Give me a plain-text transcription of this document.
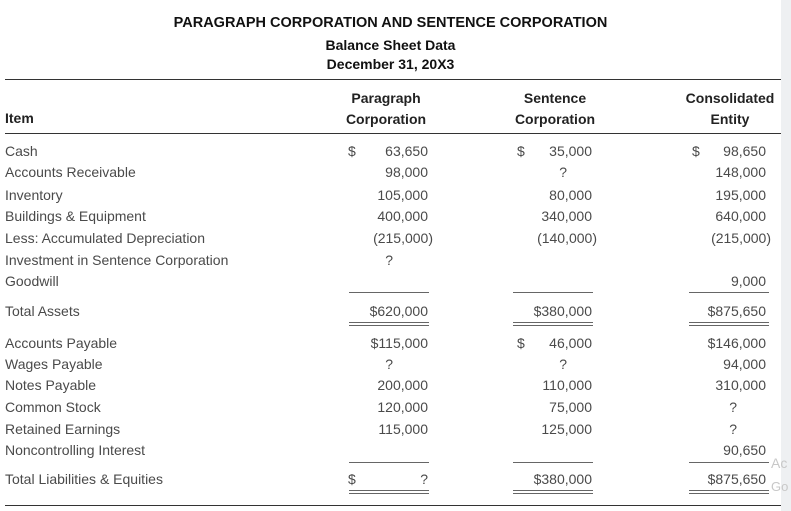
PARAGRAPH CORPORATION AND SENTENCE CORPORATION
Balance Sheet Data
December 31, 20X3
Item
Paragraph
Corporation
Sentence
Corporation
Consolidated
Entity
Cash
Accounts Receivable
Inventory
Buildings & Equipment
Less: Accumulated Depreciation
Investment in Sentence Corporation
Goodwill
Total Assets
Accounts Payable
Wages Payable
Notes Payable
Common Stock
Retained Earnings
Noncontrolling Interest
Total Liabilities & Equities
$ 63,650
98,000
105,000
400,000
(215,000)
?
$620,000
$115,000
?
200,000
120,000
115,000
$	?
$ 35,000
?
80,000
340,000
(140,000)
$380,000
$ 46,000
?
110,000
75,000
125,000
$380,000
$ 98,650
148,000
195,000
640,000
(215,000)
9,000
$875,650
$146,000
94,000
310,000
?
?
90,650
$875,650
Ac
Go
